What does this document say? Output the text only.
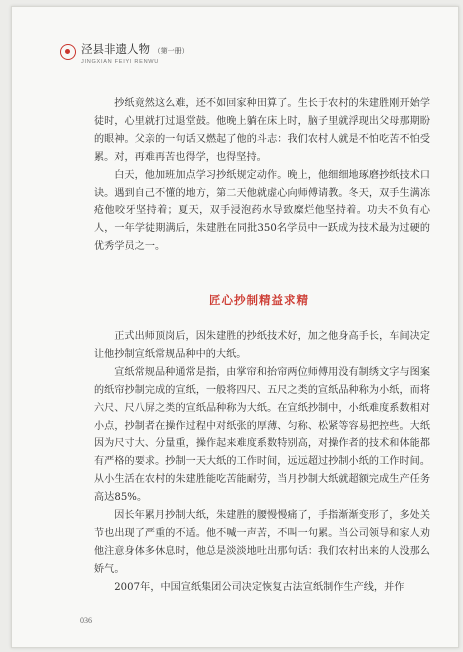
泾县非遗人物 （第一册）
JINGXIAN FEIYI RENWU

抄纸竟然这么难，还不如回家种田算了。生长于农村的朱建胜刚开始学徒时，心里就打过退堂鼓。他晚上躺在床上时，脑子里就浮现出父母那期盼的眼神。父亲的一句话又燃起了他的斗志：我们农村人就是不怕吃苦不怕受累。对，再难再苦也得学，也得坚持。

白天，他加班加点学习抄纸规定动作。晚上，他细细地琢磨抄纸技术口诀。遇到自己不懂的地方，第二天他就虚心向师傅请教。冬天，双手生满冻疮他咬牙坚持着；夏天，双手浸泡药水导致糜烂他坚持着。功夫不负有心人，一年学徒期满后，朱建胜在同批350名学员中一跃成为技术最为过硬的优秀学员之一。

匠心抄制精益求精

正式出师顶岗后，因朱建胜的抄纸技术好，加之他身高手长，车间决定让他抄制宣纸常规品种中的大纸。

宣纸常规品种通常是指，由掌帘和抬帘两位师傅用没有制绣文字与图案的纸帘抄制完成的宣纸，一般将四尺、五尺之类的宣纸品种称为小纸，而将六尺、尺八屏之类的宣纸品种称为大纸。在宣纸抄制中，小纸难度系数相对小点，抄制者在操作过程中对纸张的厚薄、匀称、松紧等容易把控些。大纸因为尺寸大、分量重，操作起来难度系数特别高，对操作者的技术和体能都有严格的要求。抄制一天大纸的工作时间，远远超过抄制小纸的工作时间。从小生活在农村的朱建胜能吃苦能耐劳，当月抄制大纸就超额完成生产任务高达85%。

因长年累月抄制大纸，朱建胜的腰慢慢痛了，手指渐渐变形了，多处关节也出现了严重的不适。他不喊一声苦，不叫一句累。当公司领导和家人劝他注意身体多休息时，他总是淡淡地吐出那句话：我们农村出来的人没那么娇气。

2007年，中国宣纸集团公司决定恢复古法宣纸制作生产线，并作

036
